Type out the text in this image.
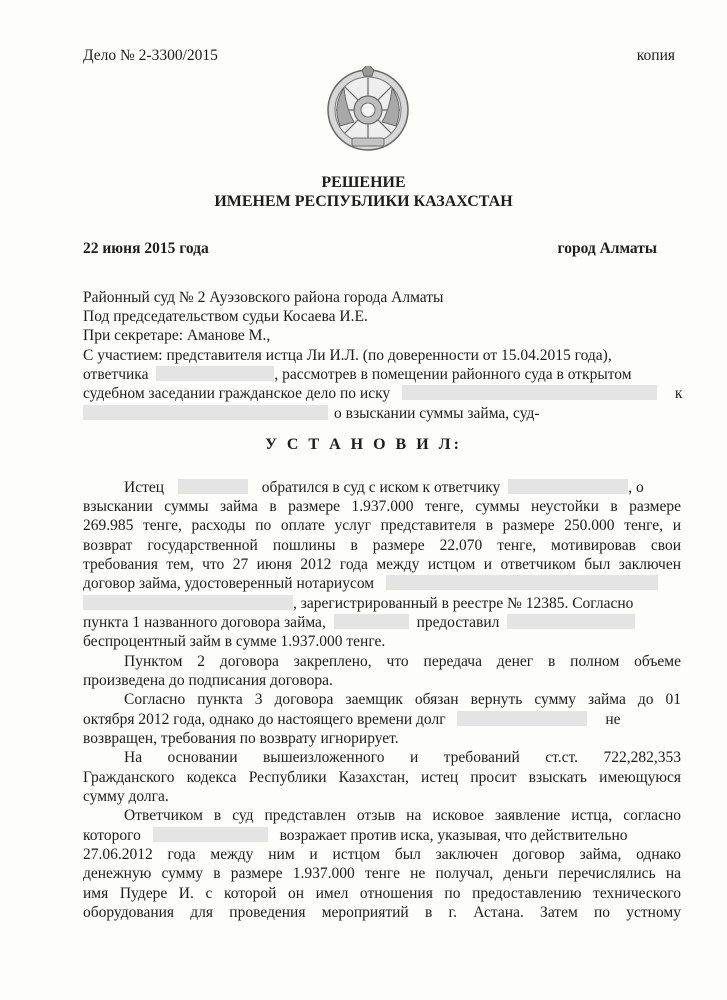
Дело № 2-3300/2015	копия
РЕШЕНИЕ
ИМЕНЕМ РЕСПУБЛИКИ КАЗАХСТАН
22 июня 2015 года	город Алматы
Районный суд № 2 Ауэзовского района города Алматы
Под председательством судьи Косаева И.Е.
При секретаре: Аманове М.,
С участием: представителя истца Ли И.Л. (по доверенности от 15.04.2015 года),
ответчика	, рассмотрев в помещении районного суда в открытом
судебном заседании гражданское дело по иску	к
о взыскании суммы займа, суд-
У С Т А Н О В И Л:
Истец	обратился в суд с иском к ответчику	, о
взыскании суммы займа в размере 1.937.000 тенге, суммы неустойки в размере
269.985 тенге, расходы по оплате услуг представителя в размере 250.000 тенге, и
возврат государственной пошлины в размере 22.070 тенге, мотивировав свои
требования тем, что 27 июня 2012 года между истцом и ответчиком был заключен
договор займа, удостоверенный нотариусом
, зарегистрированный в реестре № 12385. Согласно
пункта 1 названного договора займа,	предоставил
беспроцентный займ в сумме 1.937.000 тенге.
Пунктом 2 договора закреплено, что передача денег в полном объеме
произведена до подписания договора.
Согласно пункта 3 договора заемщик обязан вернуть сумму займа до 01
октября 2012 года, однако до настоящего времени долг	не
возвращен, требования по возврату игнорирует.
На основании вышеизложенного и требований ст.ст. 722,282,353
Гражданского кодекса Республики Казахстан, истец просит взыскать имеющуюся
сумму долга.
Ответчиком в суд представлен отзыв на исковое заявление истца, согласно
которого	возражает против иска, указывая, что действительно
27.06.2012 года между ним и истцом был заключен договор займа, однако
денежную сумму в размере 1.937.000 тенге не получал, деньги перечислялись на
имя Пудере И. с которой он имел отношения по предоставлению технического
оборудования для проведения мероприятий в г. Астана. Затем по устному
